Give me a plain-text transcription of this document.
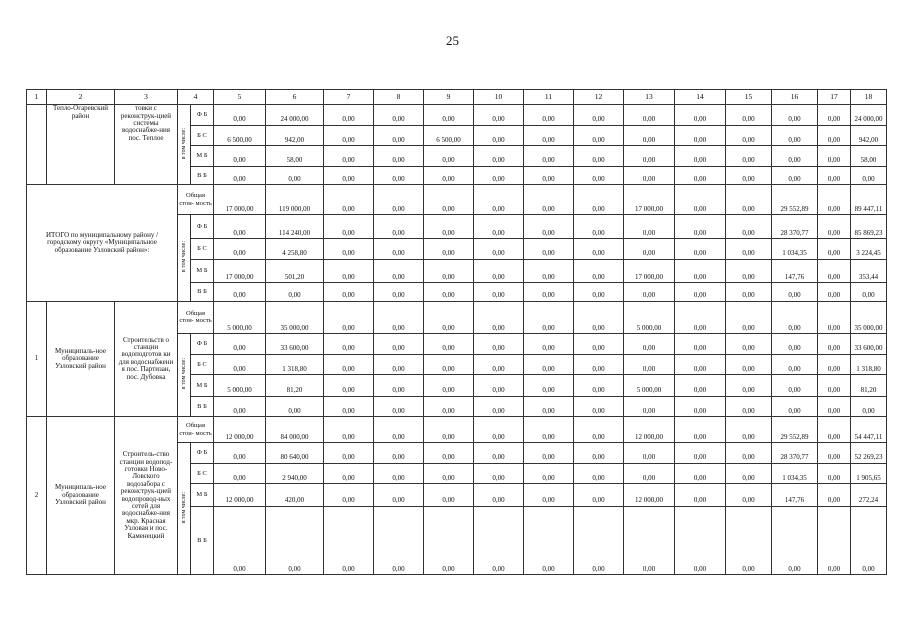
25
1	2	3	4		5	6	7	8	9	10	11	12	13	14	15	16	17	18
	Тепло-Огаревский район	товки с реконструк-цией системы водоснабже-ния пос. Теплое	в том числе:	Ф Б	0,00	24 000,00	0,00	0,00	0,00	0,00	0,00	0,00	0,00	0,00	0,00	0,00	0,00	24 000,00
				Б С	6 500,00	942,00	0,00	0,00	6 500,00	0,00	0,00	0,00	0,00	0,00	0,00	0,00	0,00	942,00
				М Б	0,00	58,00	0,00	0,00	0,00	0,00	0,00	0,00	0,00	0,00	0,00	0,00	0,00	58,00
				В Б	0,00	0,00	0,00	0,00	0,00	0,00	0,00	0,00	0,00	0,00	0,00	0,00	0,00	0,00
ИТОГО по муниципальному району / городскому округу «Муниципальное образование Узловский район»:			Общая стои- мость		17 000,00	119 000,00	0,00	0,00	0,00	0,00	0,00	0,00	17 000,00	0,00	0,00	29 552,89	0,00	89 447,11
			в том числе:	Ф Б	0,00	114 240,00	0,00	0,00	0,00	0,00	0,00	0,00	0,00	0,00	0,00	28 370,77	0,00	85 869,23
				Б С	0,00	4 258,80	0,00	0,00	0,00	0,00	0,00	0,00	0,00	0,00	0,00	1 034,35	0,00	3 224,45
				М Б	17 000,00	501,20	0,00	0,00	0,00	0,00	0,00	0,00	17 000,00	0,00	0,00	147,76	0,00	353,44
				В Б	0,00	0,00	0,00	0,00	0,00	0,00	0,00	0,00	0,00	0,00	0,00	0,00	0,00	0,00
1	Муниципаль-ное образование Узловский район	Строительств о станции водоподготов ки для водоснабжени я пос. Партизан, пос. Дубовка	Общая стои- мость		5 000,00	35 000,00	0,00	0,00	0,00	0,00	0,00	0,00	5 000,00	0,00	0,00	0,00	0,00	35 000,00
			в том числе:	Ф Б	0,00	33 600,00	0,00	0,00	0,00	0,00	0,00	0,00	0,00	0,00	0,00	0,00	0,00	33 600,00
				Б С	0,00	1 318,80	0,00	0,00	0,00	0,00	0,00	0,00	0,00	0,00	0,00	0,00	0,00	1 318,80
				М Б	5 000,00	81,20	0,00	0,00	0,00	0,00	0,00	0,00	5 000,00	0,00	0,00	0,00	0,00	81,20
				В Б	0,00	0,00	0,00	0,00	0,00	0,00	0,00	0,00	0,00	0,00	0,00	0,00	0,00	0,00
2	Муниципаль-ное образование Узловский район	Строитель-ство станции водопод-готовки Ново-Ловского водозабора с реконструк-цией водопровод-ных сетей для водоснабже-ния мкр. Красная Узловая и пос. Каменецкий	Общая стои- мость		12 000,00	84 000,00	0,00	0,00	0,00	0,00	0,00	0,00	12 000,00	0,00	0,00	29 552,89	0,00	54 447,11
			в том числе:	Ф Б	0,00	80 640,00	0,00	0,00	0,00	0,00	0,00	0,00	0,00	0,00	0,00	28 370,77	0,00	52 269,23
				Б С	0,00	2 940,00	0,00	0,00	0,00	0,00	0,00	0,00	0,00	0,00	0,00	1 034,35	0,00	1 905,65
				М Б	12 000,00	420,00	0,00	0,00	0,00	0,00	0,00	0,00	12 000,00	0,00	0,00	147,76	0,00	272,24
				В Б	0,00	0,00	0,00	0,00	0,00	0,00	0,00	0,00	0,00	0,00	0,00	0,00	0,00	0,00
